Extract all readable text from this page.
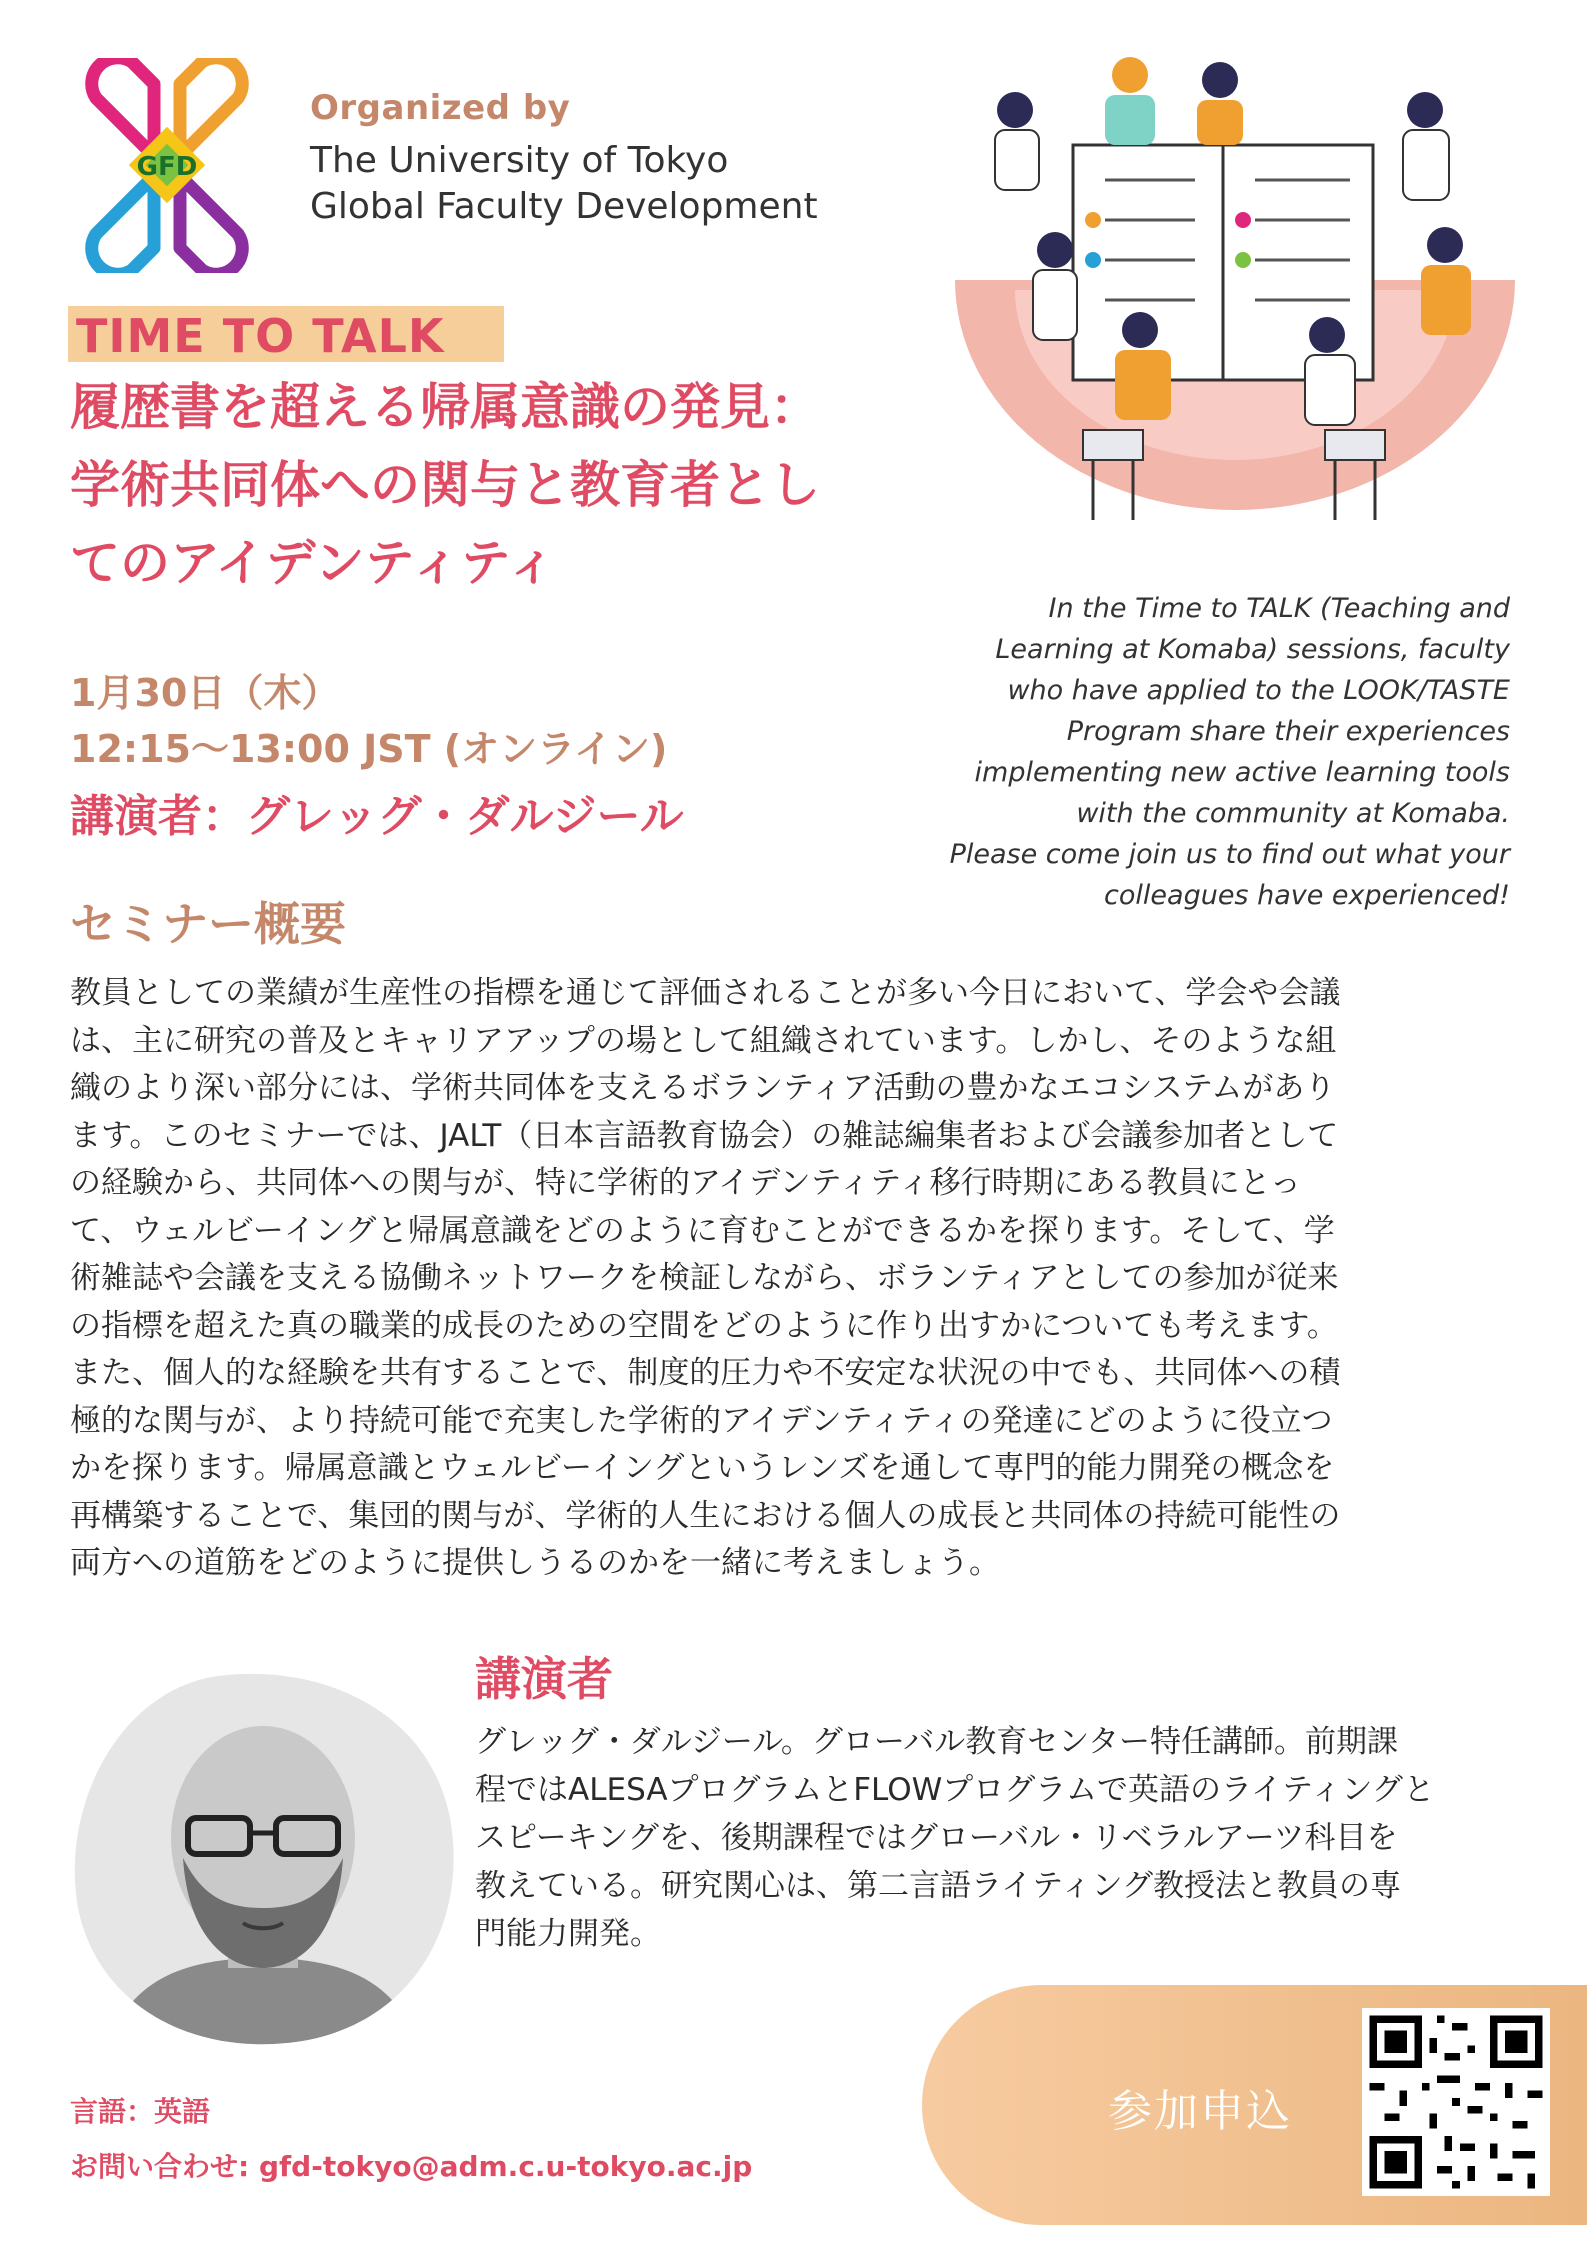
GFD
Organized by
The University of Tokyo
Global Faculty Development
TIME TO TALK
履歴書を超える帰属意識の発見：
学術共同体への関与と教育者とし
てのアイデンティティ
1月30日（木）
12:15〜13:00 JST (オンライン)
講演者：グレッグ・ダルジール
In the Time to TALK (Teaching and
Learning at Komaba) sessions, faculty
who have applied to the LOOK/TASTE
Program share their experiences
implementing new active learning tools
with the community at Komaba.
Please come join us to find out what your
colleagues have experienced!
セミナー概要
教員としての業績が生産性の指標を通じて評価されることが多い今日において、学会や会議
は、主に研究の普及とキャリアアップの場として組織されています。しかし、そのような組
織のより深い部分には、学術共同体を支えるボランティア活動の豊かなエコシステムがあり
ます。このセミナーでは、JALT（日本言語教育協会）の雑誌編集者および会議参加者として
の経験から、共同体への関与が、特に学術的アイデンティティ移行時期にある教員にとっ
て、ウェルビーイングと帰属意識をどのように育むことができるかを探ります。そして、学
術雑誌や会議を支える協働ネットワークを検証しながら、ボランティアとしての参加が従来
の指標を超えた真の職業的成長のための空間をどのように作り出すかについても考えます。
また、個人的な経験を共有することで、制度的圧力や不安定な状況の中でも、共同体への積
極的な関与が、より持続可能で充実した学術的アイデンティティの発達にどのように役立つ
かを探ります。帰属意識とウェルビーイングというレンズを通して専門的能力開発の概念を
再構築することで、集団的関与が、学術的人生における個人の成長と共同体の持続可能性の
両方への道筋をどのように提供しうるのかを一緒に考えましょう。
講演者
グレッグ・ダルジール。グローバル教育センター特任講師。前期課
程ではALESAプログラムとFLOWプログラムで英語のライティングと
スピーキングを、後期課程ではグローバル・リベラルアーツ科目を
教えている。研究関心は、第二言語ライティング教授法と教員の専
門能力開発。
言語：英語
お問い合わせ: gfd-tokyo@adm.c.u-tokyo.ac.jp
参加申込
